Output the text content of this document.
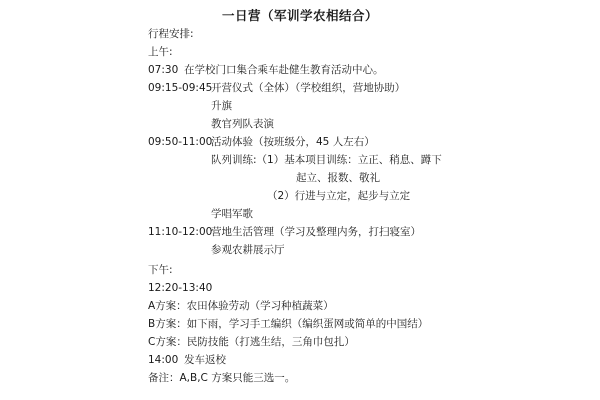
一日营（军训学农相结合）
行程安排:
上午:
07:30 在学校门口集合乘车赴健生教育活动中心。
09:15-09:45开营仪式（全体）（学校组织，营地协助）
升旗
教官列队表演
09:50-11:00活动体验（按班级分，45 人左右）
队列训练:（1）基本项目训练：立正、稍息、蹲下
起立、报数、敬礼
（2）行进与立定，起步与立定
学唱军歌
11:10-12:00营地生活管理（学习及整理内务，打扫寝室）
参观农耕展示厅
下午:
12:20-13:40
A方案：农田体验劳动（学习种植蔬菜）
B方案：如下雨，学习手工编织（编织蛋网或简单的中国结）
C方案：民防技能（打逃生结，三角巾包扎）
14:00 发车返校
备注：A,B,C 方案只能三选一。
